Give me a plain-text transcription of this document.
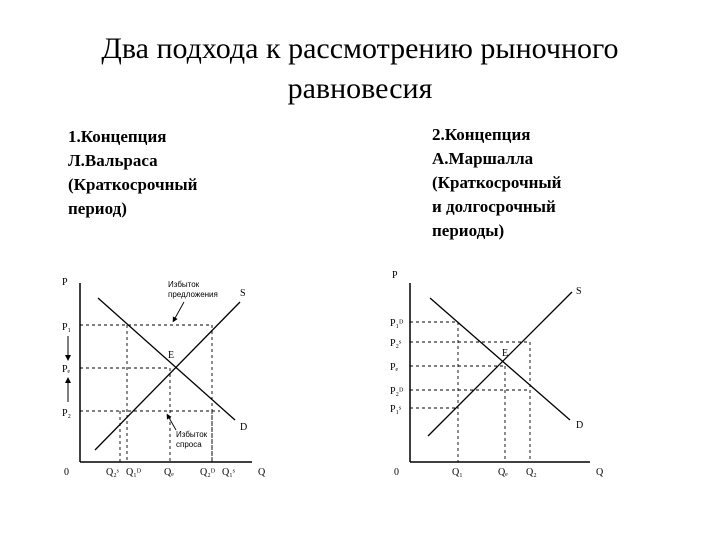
Два подхода к рассмотрению рыночного
равновесия
1.Концепция
Л.Вальраса
(Краткосрочный
период)
2.Концепция
А.Маршалла
(Краткосрочный
и долгосрочный
периоды)
P
Q
0
S
D
E
P₁
Pₑ
P₂
Q₂ˢ Q₁ᴰ Qₑ	Q₂ᴰ Q₁ˢ
Избыток
предложения
Избыток
спроса
P
Q
0
S
D
E
P₁ᴰ
P₂ˢ
Pₑ
P₂ᴰ
P₁ˢ
Q₁	Qₑ Q₂
